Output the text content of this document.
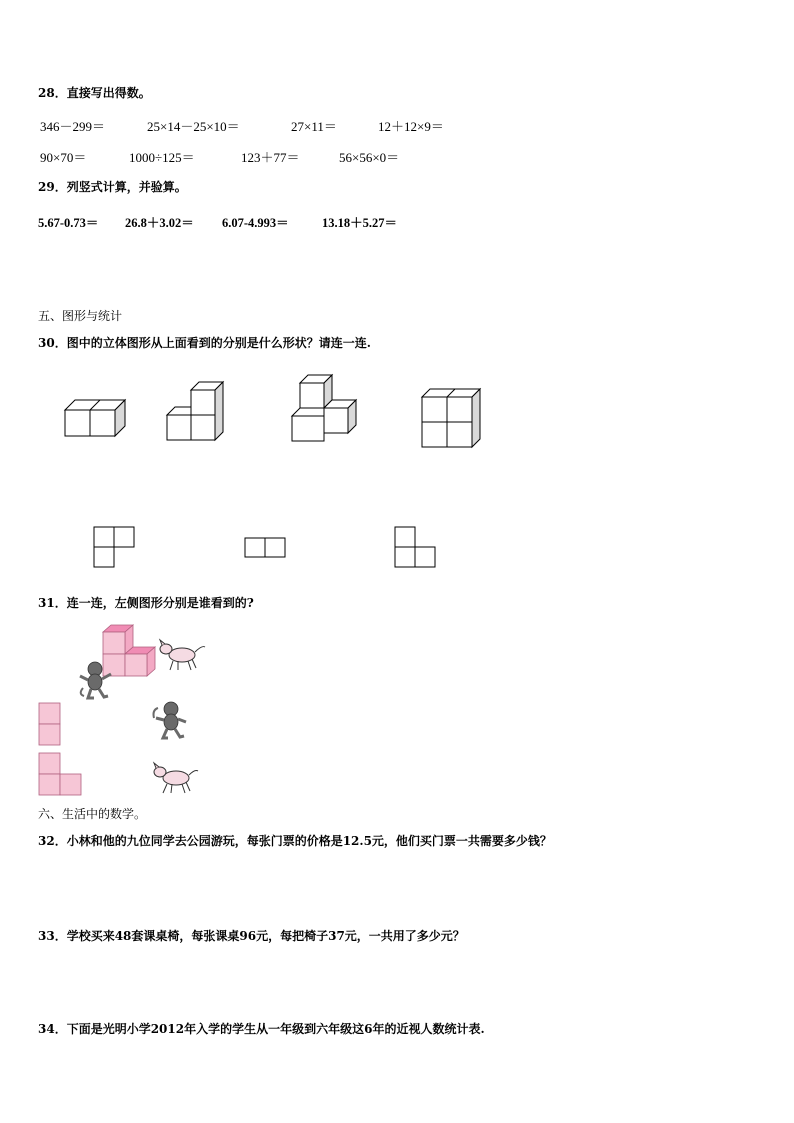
28．直接写出得数。
346－299＝	25×14－25×10＝	27×11＝	12＋12×9＝
90×70＝	1000÷125＝	123＋77＝	56×56×0＝
29．列竖式计算，并验算。
5.67-0.73＝ 26.8＋3.02＝ 6.07-4.993＝	13.18＋5.27＝
五、图形与统计
30．图中的立体图形从上面看到的分别是什么形状？请连一连.
31．连一连，左侧图形分别是谁看到的?
六、生活中的数学。
32．小林和他的九位同学去公园游玩，每张门票的价格是12.5元，他们买门票一共需要多少钱？
33．学校买来48套课桌椅，每张课桌96元，每把椅子37元，一共用了多少元？
34．下面是光明小学2012年入学的学生从一年级到六年级这6年的近视人数统计表.
